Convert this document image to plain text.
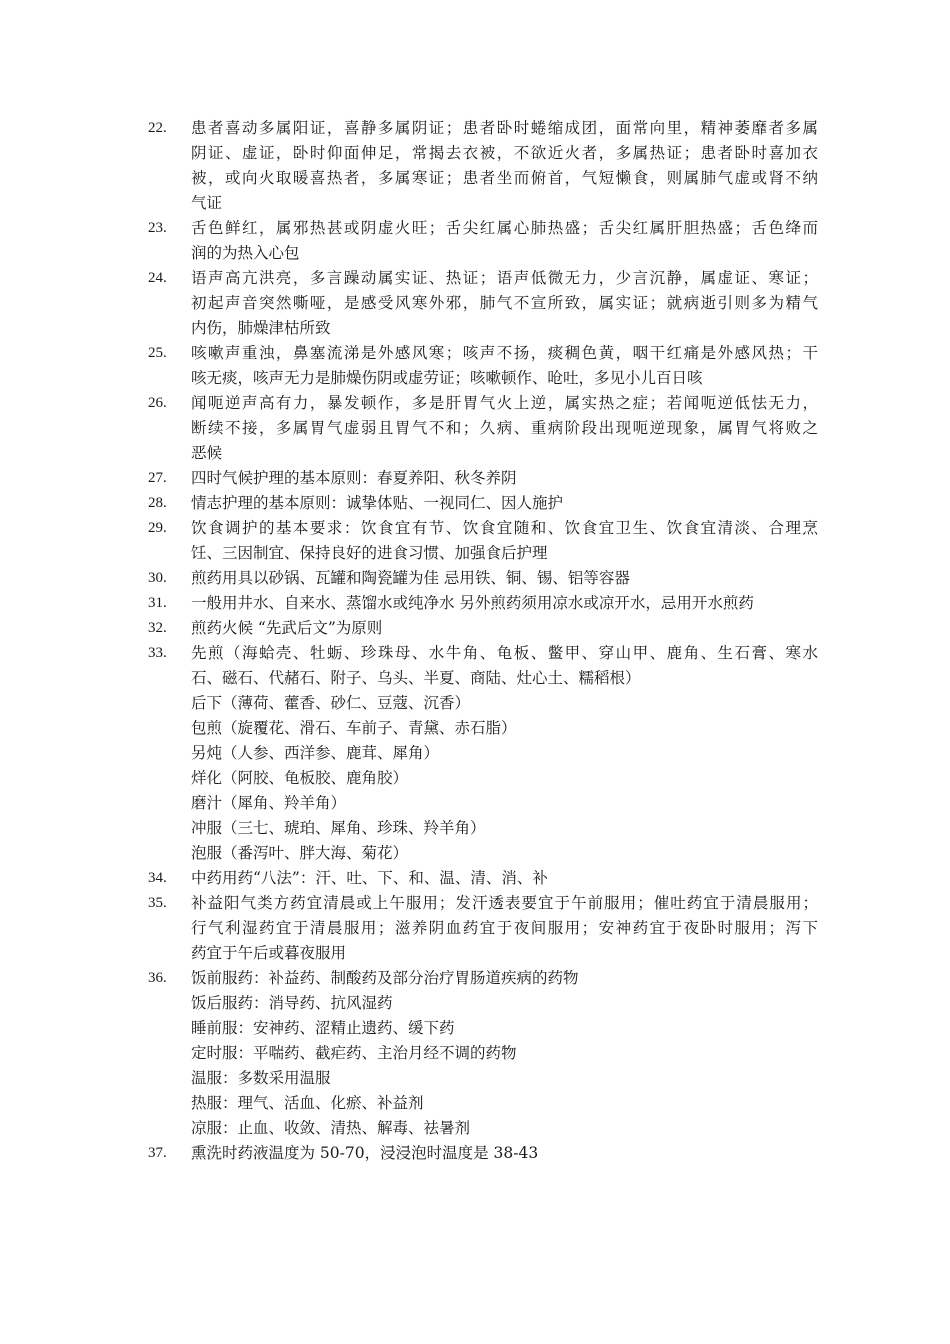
22.	患者喜动多属阳证，喜静多属阴证；患者卧时蜷缩成团，面常向里，精神萎靡者多属
阴证、虚证，卧时仰面伸足，常揭去衣被，不欲近火者，多属热证；患者卧时喜加衣
被，或向火取暖喜热者，多属寒证；患者坐而俯首，气短懒食，则属肺气虚或肾不纳
气证
23.	舌色鲜红，属邪热甚或阴虚火旺；舌尖红属心肺热盛；舌尖红属肝胆热盛；舌色绛而
润的为热入心包
24.	语声高亢洪亮，多言躁动属实证、热证；语声低微无力，少言沉静，属虚证、寒证；
初起声音突然嘶哑，是感受风寒外邪，肺气不宣所致，属实证；就病逝引则多为精气
内伤，肺燥津枯所致
25.	咳嗽声重浊，鼻塞流涕是外感风寒；咳声不扬，痰稠色黄，咽干红痛是外感风热；干
咳无痰，咳声无力是肺燥伤阴或虚劳证；咳嗽顿作、呛吐，多见小儿百日咳
26.	闻呃逆声高有力，暴发顿作，多是肝胃气火上逆，属实热之症；若闻呃逆低怯无力，
断续不接，多属胃气虚弱且胃气不和；久病、重病阶段出现呃逆现象，属胃气将败之
恶候
27.	四时气候护理的基本原则：春夏养阳、秋冬养阴
28.	情志护理的基本原则：诚挚体贴、一视同仁、因人施护
29.	饮食调护的基本要求：饮食宜有节、饮食宜随和、饮食宜卫生、饮食宜清淡、合理烹
饪、三因制宜、保持良好的进食习惯、加强食后护理
30.	煎药用具以砂锅、瓦罐和陶瓷罐为佳 忌用铁、铜、锡、铝等容器
31.	一般用井水、自来水、蒸馏水或纯净水 另外煎药须用凉水或凉开水，忌用开水煎药
32.	煎药火候 “先武后文”为原则
33.	先煎（海蛤壳、牡蛎、珍珠母、水牛角、龟板、鳖甲、穿山甲、鹿角、生石膏、寒水
石、磁石、代赭石、附子、乌头、半夏、商陆、灶心土、糯稻根）
后下（薄荷、藿香、砂仁、豆蔻、沉香）
包煎（旋覆花、滑石、车前子、青黛、赤石脂）
另炖（人参、西洋参、鹿茸、犀角）
烊化（阿胶、龟板胶、鹿角胶）
磨汁（犀角、羚羊角）
冲服（三七、琥珀、犀角、珍珠、羚羊角）
泡服（番泻叶、胖大海、菊花）
34.	中药用药“八法”：汗、吐、下、和、温、清、消、补
35.	补益阳气类方药宜清晨或上午服用；发汗透表要宜于午前服用；催吐药宜于清晨服用；
行气利湿药宜于清晨服用；滋养阴血药宜于夜间服用；安神药宜于夜卧时服用；泻下
药宜于午后或暮夜服用
36.	饭前服药：补益药、制酸药及部分治疗胃肠道疾病的药物
饭后服药：消导药、抗风湿药
睡前服：安神药、涩精止遗药、缓下药
定时服：平喘药、截疟药、主治月经不调的药物
温服：多数采用温服
热服：理气、活血、化瘀、补益剂
凉服：止血、收敛、清热、解毒、祛暑剂
37.	熏洗时药液温度为 50-70，浸浸泡时温度是 38-43
